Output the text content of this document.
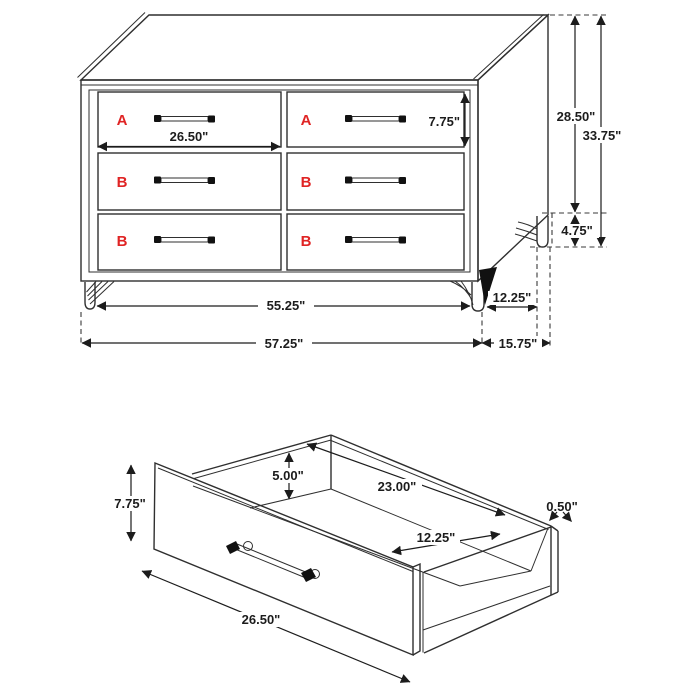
A
B
B
A
B
B
26.50"
7.75"	28.50"
33.75"
4.75"
55.25"
12.25"
57.25"	15.75"
7.75"
5.00"
23.00"
12.25"
0.50"
26.50"
